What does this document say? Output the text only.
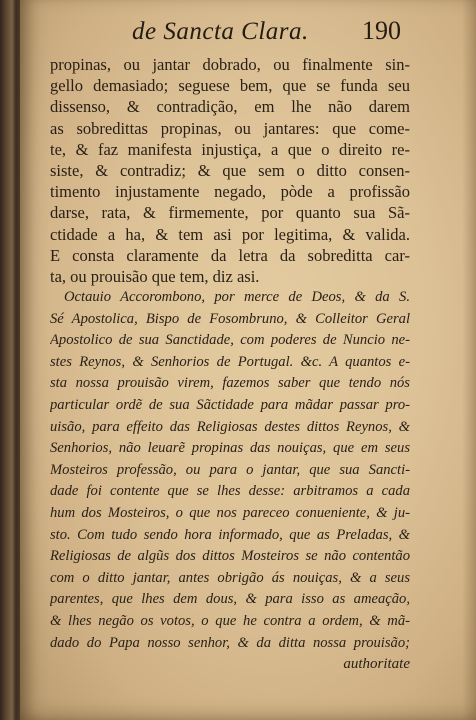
de Sancta Clara. 190
propinas, ou jantar dobrado, ou finalmente sin-
gello demasiado; seguese bem, que se funda seu
dissenso, & contradição, em lhe não darem
as sobredittas propinas, ou jantares: que come-
te, & faz manifesta injustiça, a que o direito re-
siste, & contradiz; & que sem o ditto consen-
timento injustamente negado, pòde a profissão
darse, rata, & firmemente, por quanto sua Sã-
ctidade a ha, & tem asi por legitima, & valida.
E consta claramente da letra da sobreditta car-
ta, ou prouisão que tem, diz asi.
Octauio Accorombono, por merce de Deos, & da S.
Sé Apostolica, Bispo de Fosombruno, & Colleitor Geral
Apostolico de sua Sanctidade, com poderes de Nuncio ne-
stes Reynos, & Senhorios de Portugal. &c. A quantos e-
sta nossa prouisão virem, fazemos saber que tendo nós
particular ordẽ de sua Sãctidade para mãdar passar pro-
uisão, para effeito das Religiosas destes dittos Reynos, &
Senhorios, não leuarẽ propinas das nouiças, que em seus
Mosteiros professão, ou para o jantar, que sua Sancti-
dade foi contente que se lhes desse: arbitramos a cada
hum dos Mosteiros, o que nos pareceo conueniente, & ju-
sto. Com tudo sendo hora informado, que as Preladas, &
Religiosas de algũs dos dittos Mosteiros se não contentão
com o ditto jantar, antes obrigão ás nouiças, & a seus
parentes, que lhes dem dous, & para isso as ameação,
& lhes negão os votos, o que he contra a ordem, & mã-
dado do Papa nosso senhor, & da ditta nossa prouisão;
authoritate
